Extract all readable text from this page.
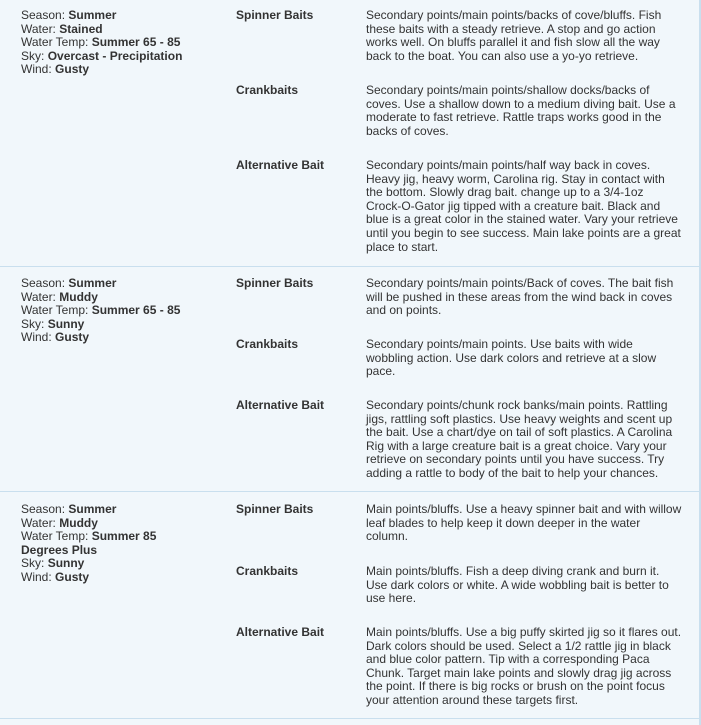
Season: Summer
Water: Stained
Water Temp: Summer 65 - 85
Sky: Overcast - Precipitation
Wind: Gusty
Spinner Baits	Secondary points/main points/backs of cove/bluffs. Fish these baits with a steady retrieve. A stop and go action works well. On bluffs parallel it and fish slow all the way back to the boat. You can also use a yo-yo retrieve.
Crankbaits	Secondary points/main points/shallow docks/backs of coves. Use a shallow down to a medium diving bait. Use a moderate to fast retrieve. Rattle traps works good in the backs of coves.
Alternative Bait	Secondary points/main points/half way back in coves. Heavy jig, heavy worm, Carolina rig. Stay in contact with the bottom. Slowly drag bait. change up to a 3/4-1oz Crock-O-Gator jig tipped with a creature bait. Black and blue is a great color in the stained water. Vary your retrieve until you begin to see success. Main lake points are a great place to start.
Season: Summer
Water: Muddy
Water Temp: Summer 65 - 85
Sky: Sunny
Wind: Gusty
Spinner Baits	Secondary points/main points/Back of coves. The bait fish will be pushed in these areas from the wind back in coves and on points.
Crankbaits	Secondary points/main points. Use baits with wide wobbling action. Use dark colors and retrieve at a slow pace.
Alternative Bait	Secondary points/chunk rock banks/main points. Rattling jigs, rattling soft plastics. Use heavy weights and scent up the bait. Use a chart/dye on tail of soft plastics. A Carolina Rig with a large creature bait is a great choice. Vary your retrieve on secondary points until you have success. Try adding a rattle to body of the bait to help your chances.
Season: Summer
Water: Muddy
Water Temp: Summer 85 Degrees Plus
Sky: Sunny
Wind: Gusty
Spinner Baits	Main points/bluffs. Use a heavy spinner bait and with willow leaf blades to help keep it down deeper in the water column.
Crankbaits	Main points/bluffs. Fish a deep diving crank and burn it. Use dark colors or white. A wide wobbling bait is better to use here.
Alternative Bait	Main points/bluffs. Use a big puffy skirted jig so it flares out. Dark colors should be used. Select a 1/2 rattle jig in black and blue color pattern. Tip with a corresponding Paca Chunk. Target main lake points and slowly drag jig across the point. If there is big rocks or brush on the point focus your attention around these targets first.
